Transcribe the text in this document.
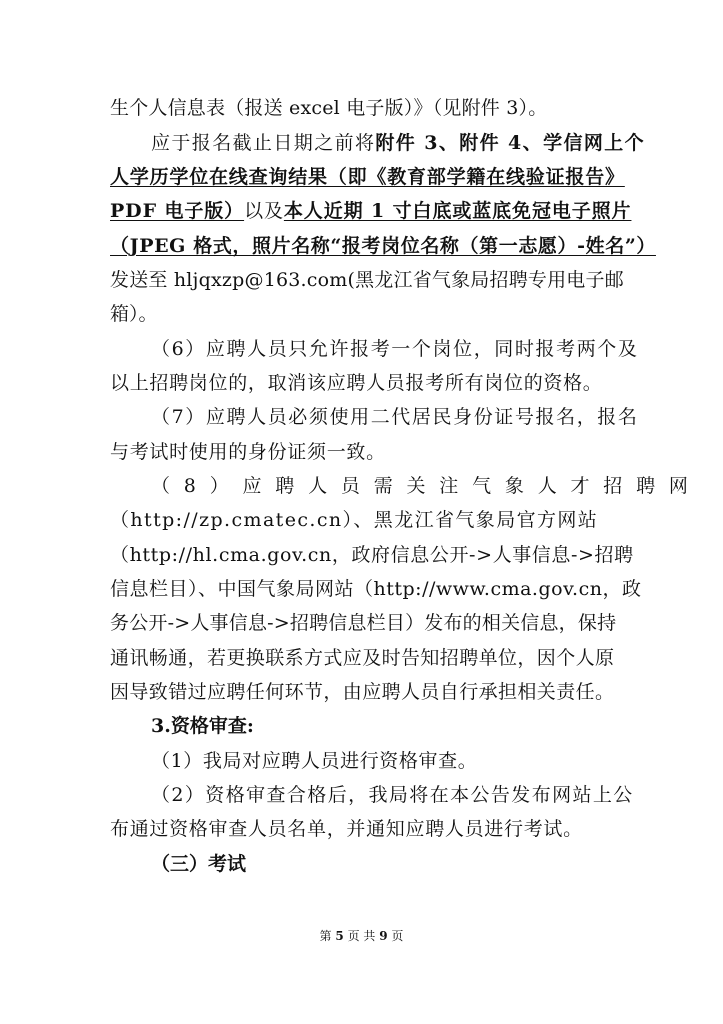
生个人信息表（报送 excel 电子版）》（见附件 3）。
应于报名截止日期之前将附件 3、附件 4、学信网上个
人学历学位在线查询结果（即《教育部学籍在线验证报告》
PDF 电子版）以及本人近期 1 寸白底或蓝底免冠电子照片
（JPEG 格式，照片名称“报考岗位名称（第一志愿）-姓名”）
发送至 hljqxzp@163.com(黑龙江省气象局招聘专用电子邮
箱）。
（6）应聘人员只允许报考一个岗位，同时报考两个及
以上招聘岗位的，取消该应聘人员报考所有岗位的资格。
（7）应聘人员必须使用二代居民身份证号报名，报名
与考试时使用的身份证须一致。
（8）应聘人员需关注气象人才招聘网
（http://zp.cmatec.cn）、黑龙江省气象局官方网站
（http://hl.cma.gov.cn，政府信息公开->人事信息->招聘
信息栏目）、中国气象局网站（http://www.cma.gov.cn，政
务公开->人事信息->招聘信息栏目）发布的相关信息，保持
通讯畅通，若更换联系方式应及时告知招聘单位，因个人原
因导致错过应聘任何环节，由应聘人员自行承担相关责任。
3.资格审查:
（1）我局对应聘人员进行资格审查。
（2）资格审查合格后，我局将在本公告发布网站上公
布通过资格审查人员名单，并通知应聘人员进行考试。
（三）考试
第 5 页 共 9 页
